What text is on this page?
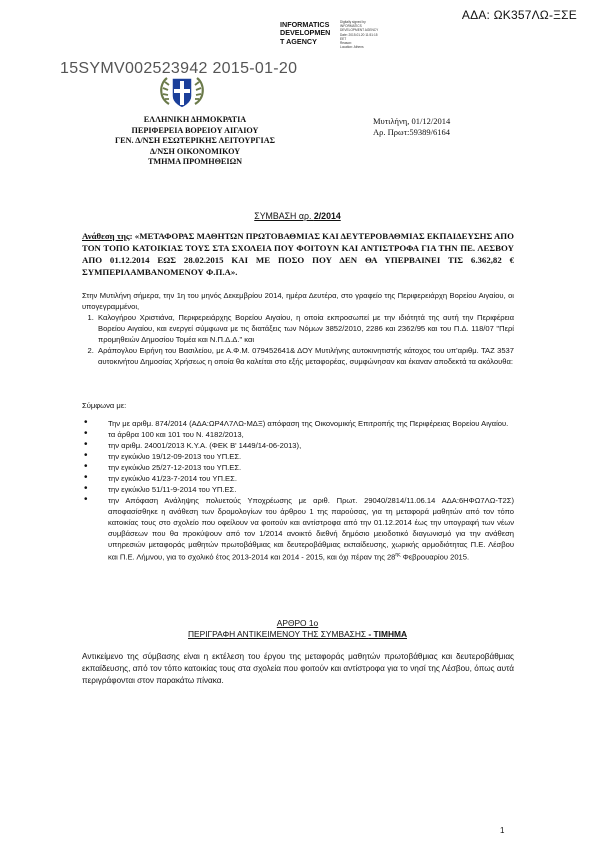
ΑΔΑ: ΩΚ357ΛΩ-ΞΣΕ
INFORMATICS
DEVELOPMEN
T AGENCY
Digitally signed by
INFORMATICS
DEVELOPMENT AGENCY
Date: 2015.01.20 11:51:15
EET
Reason:
Location: Athens
15SYMV002523942 2015-01-20
ΕΛΛΗΝΙΚΗ ΔΗΜΟΚΡΑΤΙΑ
ΠΕΡΙΦΕΡΕΙΑ ΒΟΡΕΙΟΥ ΑΙΓΑΙΟΥ
ΓΕΝ. Δ/ΝΣΗ ΕΣΩΤΕΡΙΚΗΣ ΛΕΙΤΟΥΡΓΙΑΣ
Δ/ΝΣΗ ΟΙΚΟΝΟΜΙΚΟΥ
ΤΜΗΜΑ ΠΡΟΜΗΘΕΙΩΝ
Μυτιλήνη, 01/12/2014
Αρ. Πρωτ:59389/6164
ΣΥΜΒΑΣΗ αρ. 2/2014
Ανάθεση της: «ΜΕΤΑΦΟΡΑΣ ΜΑΘΗΤΩΝ ΠΡΩΤΟΒΑΘΜΙΑΣ ΚΑΙ ΔΕΥΤΕΡΟΒΑΘΜΙΑΣ ΕΚΠΑΙΔΕΥΣΗΣ ΑΠΟ ΤΟΝ ΤΟΠΟ ΚΑΤΟΙΚΙΑΣ ΤΟΥΣ ΣΤΑ ΣΧΟΛΕΙΑ ΠΟΥ ΦΟΙΤΟΥΝ ΚΑΙ ΑΝΤΙΣΤΡΟΦΑ ΓΙΑ ΤΗΝ ΠΕ. ΛΕΣΒΟΥ ΑΠΟ 01.12.2014 ΕΩΣ 28.02.2015 ΚΑΙ ΜΕ ΠΟΣΟ ΠΟΥ ΔΕΝ ΘΑ ΥΠΕΡΒΑΙΝΕΙ ΤΙΣ 6.362,82 € ΣΥΜΠΕΡΙΛΑΜΒΑΝΟΜΕΝΟΥ Φ.Π.Α».
Στην Μυτιλήνη σήμερα, την 1η του μηνός Δεκεμβρίου 2014, ημέρα Δευτέρα, στο γραφείο της Περιφερειάρχη Βορείου Αιγαίου, οι υπογεγραμμένοι,
1. Καλογήρου Χριστιάνα, Περιφερειάρχης Βορείου Αιγαίου, η οποία εκπροσωπεί με την ιδιότητά της αυτή την Περιφέρεια Βορείου Αιγαίου, και ενεργεί σύμφωνα με τις διατάξεις των Νόμων 3852/2010, 2286 και 2362/95 και του Π.Δ. 118/07 "Περί προμηθειών Δημοσίου Τομέα και Ν.Π.Δ.Δ." και
2. Αράπογλου Ειρήνη του Βασιλείου, με Α.Φ.Μ. 079452641& ΔΟΥ Μυτιλήνης αυτοκινητιστής κάτοχος του υπ'αριθμ. ΤΑΖ 3537 αυτοκινήτου Δημοσίας Χρήσεως η οποία θα καλείται στο εξής μεταφορέας, συμφώνησαν και έκαναν αποδεκτά τα ακόλουθα:
Σύμφωνα με:
• Την με αριθμ. 874/2014 (ΑΔΑ:ΩΡ4Λ7ΛΩ-ΜΔΞ) απόφαση της Οικονομικής Επιτροπής της Περιφέρειας Βορείου Αιγαίου.
• τα άρθρα 100 και 101 του Ν. 4182/2013,
• την αριθμ. 24001/2013 Κ.Υ.Α. (ΦΕΚ Β' 1449/14-06-2013),
• την εγκύκλιο 19/12-09-2013 του ΥΠ.ΕΣ.
• την εγκύκλιο 25/27-12-2013 του ΥΠ.ΕΣ.
• την εγκύκλιο 41/23-7-2014 του ΥΠ.ΕΣ.
• την εγκύκλιο 51/11-9-2014 του ΥΠ.ΕΣ.
• την Απόφαση Ανάληψης πολυετούς Υποχρέωσης με αριθ. Πρωτ. 29040/2814/11.06.14 ΑΔΑ:6ΗΦΩ7ΛΩ-Τ2Σ) αποφασίσθηκε η ανάθεση των δρομολογίων του άρθρου 1 της παρούσας, για τη μεταφορά μαθητών από τον τόπο κατοικίας τους στο σχολείο που οφείλουν να φοιτούν και αντίστροφα από την 01.12.2014 έως την υπογραφή των νέων συμβάσεων που θα προκύψουν από τον 1/2014 ανοικτό διεθνή δημόσιο μειοδοτικό διαγωνισμό για την ανάθεση υπηρεσιών μεταφοράς μαθητών πρωτοβάθμιας και δευτεροβάθμιας εκπαίδευσης, χωρικής αρμοδιότητας Π.Ε. Λέσβου και Π.Ε. Λήμνου, για το σχολικό έτος 2013-2014 και 2014 - 2015, και όχι πέραν της $28^{\eta\varsigma}$ Φεβρουαρίου 2015.
ΑΡΘΡΟ 1ο
ΠΕΡΙΓΡΑΦΗ ΑΝΤΙΚΕΙΜΕΝΟΥ ΤΗΣ ΣΥΜΒΑΣΗΣ - ΤΙΜΗΜΑ
Αντικείμενο της σύμβασης είναι η εκτέλεση του έργου της μεταφοράς μαθητών πρωτοβάθμιας και δευτεροβάθμιας εκπαίδευσης, από τον τόπο κατοικίας τους στα σχολεία που φοιτούν και αντίστροφα για το νησί της Λέσβου, όπως αυτά περιγράφονται στον παρακάτω πίνακα.
1
